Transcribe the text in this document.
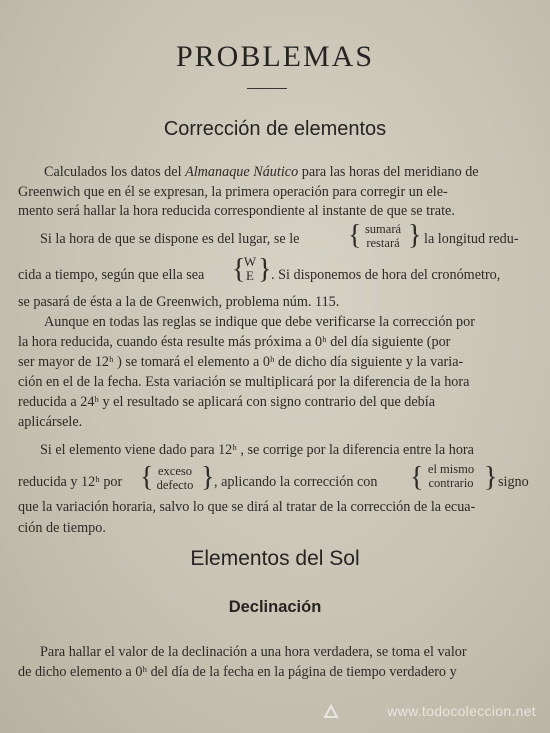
PROBLEMAS
Corrección de elementos
Calculados los datos del Almanaque Náutico para las horas del meridiano de
Greenwich que en él se expresan, la primera operación para corregir un ele-
mento será hallar la hora reducida correspondiente al instante de que se trate.
Si la hora de que se dispone es del lugar, se le { sumará
restará } la longitud redu-
cida a tiempo, según que ella sea {
W
E } . Si disponemos de hora del cronómetro,
se pasará de ésta a la de Greenwich, problema núm. 115.
Aunque en todas las reglas se indique que debe verificarse la corrección por
la hora reducida, cuando ésta resulte más próxima a 0ʰ del día siguiente (por
ser mayor de 12ʰ ) se tomará el elemento a 0ʰ de dicho día siguiente y la varia-
ción en el de la fecha. Esta variación se multiplicará por la diferencia de la hora
reducida a 24ʰ y el resultado se aplicará con signo contrario del que debía
aplicársele.
Si el elemento viene dado para 12ʰ , se corrige por la diferencia entre la hora
reducida y 12ʰ por { exceso
defecto } , aplicando la corrección con { el mismo
contrario } signo
que la variación horaria, salvo lo que se dirá al tratar de la corrección de la ecua-
ción de tiempo.
Elementos del Sol
Declinación
Para hallar el valor de la declinación a una hora verdadera, se toma el valor
de dicho elemento a 0ʰ del día de la fecha en la página de tiempo verdadero y
www.todocoleccion.net
